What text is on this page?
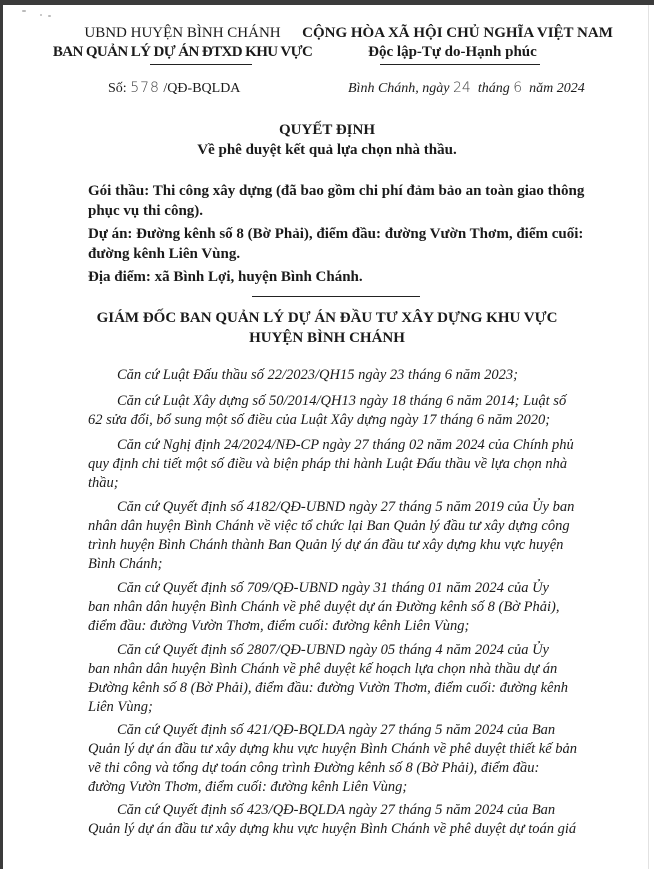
UBND HUYỆN BÌNH CHÁNH
BAN QUẢN LÝ DỰ ÁN ĐTXD KHU VỰC
CỘNG HÒA XÃ HỘI CHỦ NGHĨA VIỆT NAM
Độc lập-Tự do-Hạnh phúc
Số: 578 /QĐ-BQLDA	Bình Chánh, ngày 24  tháng 6  năm 2024
QUYẾT ĐỊNH
Về phê duyệt kết quả lựa chọn nhà thầu.
Gói thầu: Thi công xây dựng (đã bao gồm chi phí đảm bảo an toàn giao thông
phục vụ thi công).
Dự án: Đường kênh số 8 (Bờ Phải), điểm đầu: đường Vườn Thơm, điểm cuối:
đường kênh Liên Vùng.
Địa điểm: xã Bình Lợi, huyện Bình Chánh.
GIÁM ĐỐC BAN QUẢN LÝ DỰ ÁN ĐẦU TƯ XÂY DỰNG KHU VỰC
HUYỆN BÌNH CHÁNH
Căn cứ Luật Đấu thầu số 22/2023/QH15 ngày 23 tháng 6 năm 2023;
Căn cứ Luật Xây dựng số 50/2014/QH13 ngày 18 tháng 6 năm 2014; Luật số
62 sửa đổi, bổ sung một số điều của Luật Xây dựng ngày 17 tháng 6 năm 2020;
Căn cứ Nghị định 24/2024/NĐ-CP ngày 27 tháng 02 năm 2024 của Chính phủ
quy định chi tiết một số điều và biện pháp thi hành Luật Đấu thầu về lựa chọn nhà
thầu;
Căn cứ Quyết định số 4182/QĐ-UBND ngày 27 tháng 5 năm 2019 của Ủy ban
nhân dân huyện Bình Chánh về việc tổ chức lại Ban Quản lý đầu tư xây dựng công
trình huyện Bình Chánh thành Ban Quản lý dự án đầu tư xây dựng khu vực huyện
Bình Chánh;
Căn cứ Quyết định số 709/QĐ-UBND ngày 31 tháng 01 năm 2024 của Ủy
ban nhân dân huyện Bình Chánh về phê duyệt dự án Đường kênh số 8 (Bờ Phải),
điểm đầu: đường Vườn Thơm, điểm cuối: đường kênh Liên Vùng;
Căn cứ Quyết định số 2807/QĐ-UBND ngày 05 tháng 4 năm 2024 của Ủy
ban nhân dân huyện Bình Chánh về phê duyệt kế hoạch lựa chọn nhà thầu dự án
Đường kênh số 8 (Bờ Phải), điểm đầu: đường Vườn Thơm, điểm cuối: đường kênh
Liên Vùng;
Căn cứ Quyết định số 421/QĐ-BQLDA ngày 27 tháng 5 năm 2024 của Ban
Quản lý dự án đầu tư xây dựng khu vực huyện Bình Chánh về phê duyệt thiết kế bản
vẽ thi công và tổng dự toán công trình Đường kênh số 8 (Bờ Phải), điểm đầu:
đường Vườn Thơm, điểm cuối: đường kênh Liên Vùng;
Căn cứ Quyết định số 423/QĐ-BQLDA ngày 27 tháng 5 năm 2024 của Ban
Quản lý dự án đầu tư xây dựng khu vực huyện Bình Chánh về phê duyệt dự toán giá
